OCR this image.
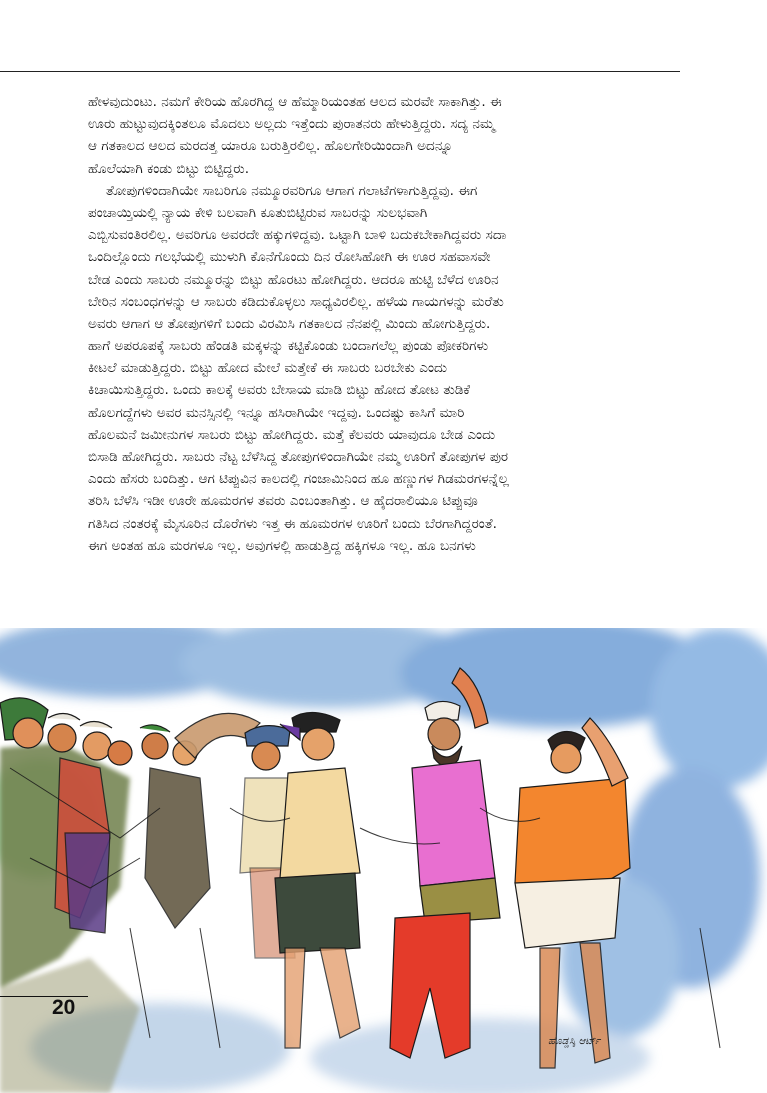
ಹೇಳವುದುಂಟು. ನಮಗೆ ಕೇರಿಯ ಹೊರಗಿದ್ದ ಆ ಹೆಮ್ಮಾರಿಯಂತಹ ಆಲದ ಮರವೇ ಸಾಕಾಗಿತ್ತು. ಈ
ಊರು ಹುಟ್ಟುವುದಕ್ಕಿಂತಲೂ ಮೊದಲು ಅಲ್ಲದು ಇತ್ತೆಂದು ಪುರಾತನರು ಹೇಳುತ್ತಿದ್ದರು. ಸದ್ಯ ನಮ್ಮ
ಆ ಗತಕಾಲದ ಆಲದ ಮರದತ್ತ ಯಾರೂ ಬರುತ್ತಿರಲಿಲ್ಲ. ಹೊಲಗೇರಿಯಿಂದಾಗಿ ಅದನ್ನೂ
ಹೊಲೆಯಾಗಿ ಕಂಡು ಬಿಟ್ಟು ಬಿಟ್ಟಿದ್ದರು.
ತೋಪುಗಳಿಂದಾಗಿಯೇ ಸಾಬರಿಗೂ ನಮ್ಮೂರವರಿಗೂ ಆಗಾಗ ಗಲಾಟೆಗಳಾಗುತ್ತಿದ್ದವು. ಈಗ
ಪಂಚಾಯ್ತಿಯಲ್ಲಿ ನ್ಯಾಯ ಕೇಳಿ ಬಲವಾಗಿ ಕೂತುಬಿಟ್ಟಿರುವ ಸಾಬರನ್ನು ಸುಲಭವಾಗಿ
ಎಬ್ಬಿಸುವಂತಿರಲಿಲ್ಲ. ಅವರಿಗೂ ಅವರದೇ ಹಕ್ಕುಗಳಿದ್ದವು. ಒಟ್ಟಾಗಿ ಬಾಳಿ ಬದುಕಬೇಕಾಗಿದ್ದವರು ಸದಾ
ಒಂದಿಲ್ಲೊಂದು ಗಲಭೆಯಲ್ಲಿ ಮುಳುಗಿ ಕೊನೆಗೊಂದು ದಿನ ರೋಸಿಹೋಗಿ ಈ ಊರ ಸಹವಾಸವೇ
ಬೇಡ ಎಂದು ಸಾಬರು ನಮ್ಮೂರನ್ನು ಬಿಟ್ಟು ಹೊರಟು ಹೋಗಿದ್ದರು. ಆದರೂ ಹುಟ್ಟಿ ಬೆಳೆದ ಊರಿನ
ಬೇರಿನ ಸಂಬಂಧಗಳನ್ನು ಆ ಸಾಬರು ಕಡಿದುಕೊಳ್ಳಲು ಸಾಧ್ಯವಿರಲಿಲ್ಲ. ಹಳೆಯ ಗಾಯಗಳನ್ನು ಮರೆತು
ಅವರು ಆಗಾಗ ಆ ತೋಪುಗಳಿಗೆ ಬಂದು ವಿರಮಿಸಿ ಗತಕಾಲದ ನೆನಪಲ್ಲಿ ಮಿಂದು ಹೋಗುತ್ತಿದ್ದರು.
ಹಾಗೆ ಅಪರೂಪಕ್ಕೆ ಸಾಬರು ಹೆಂಡತಿ ಮಕ್ಕಳನ್ನು ಕಟ್ಟಿಕೊಂಡು ಬಂದಾಗಲೆಲ್ಲ ಪುಂಡು ಪೋಕರಿಗಳು
ಕೀಟಲೆ ಮಾಡುತ್ತಿದ್ದರು. ಬಿಟ್ಟು ಹೋದ ಮೇಲೆ ಮತ್ತೇಕೆ ಈ ಸಾಬರು ಬರಬೇಕು ಎಂದು
ಕಿಚಾಯಿಸುತ್ತಿದ್ದರು. ಒಂದು ಕಾಲಕ್ಕೆ ಅವರು ಬೇಸಾಯ ಮಾಡಿ ಬಿಟ್ಟು ಹೋದ ತೋಟ ತುಡಿಕೆ
ಹೊಲಗದ್ದೆಗಳು ಅವರ ಮನಸ್ಸಿನಲ್ಲಿ ಇನ್ನೂ ಹಸಿರಾಗಿಯೇ ಇದ್ದವು. ಒಂದಷ್ಟು ಕಾಸಿಗೆ ಮಾರಿ
ಹೊಲಮನೆ ಜಮೀನುಗಳ ಸಾಬರು ಬಿಟ್ಟು ಹೋಗಿದ್ದರು. ಮತ್ತೆ ಕೆಲವರು ಯಾವುದೂ ಬೇಡ ಎಂದು
ಬಿಸಾಡಿ ಹೋಗಿದ್ದರು. ಸಾಬರು ನೆಟ್ಟ ಬೆಳೆಸಿದ್ದ ತೋಪುಗಳಿಂದಾಗಿಯೇ ನಮ್ಮ ಊರಿಗೆ ತೋಪುಗಳ ಪುರ
ಎಂದು ಹೆಸರು ಬಂದಿತ್ತು. ಆಗ ಟಿಪ್ಪುವಿನ ಕಾಲದಲ್ಲಿ ಗಂಜಾಮಿನಿಂದ ಹೂ ಹಣ್ಣುಗಳ ಗಿಡಮರಗಳನ್ನೆಲ್ಲ
ತರಿಸಿ ಬೆಳೆಸಿ ಇಡೀ ಊರೇ ಹೂಮರಗಳ ತವರು ಎಂಬಂತಾಗಿತ್ತು. ಆ ಹೈದರಾಲಿಯೂ ಟಿಪ್ಪುವೂ
ಗತಿಸಿದ ನಂತರಕ್ಕೆ ಮೈಸೂರಿನ ದೊರೆಗಳು ಇತ್ತ ಈ ಹೂಮರಗಳ ಊರಿಗೆ ಬಂದು ಬೆರಗಾಗಿದ್ದರಂತೆ.
ಈಗ ಅಂತಹ ಹೂ ಮರಗಳೂ ಇಲ್ಲ. ಅವುಗಳಲ್ಲಿ ಹಾಡುತ್ತಿದ್ದ ಹಕ್ಕಿಗಳೂ ಇಲ್ಲ. ಹೂ ಬನಗಳು
20
ಹೊಡ್ಡಸ್ಕಿ ಆರ್ಟ್
